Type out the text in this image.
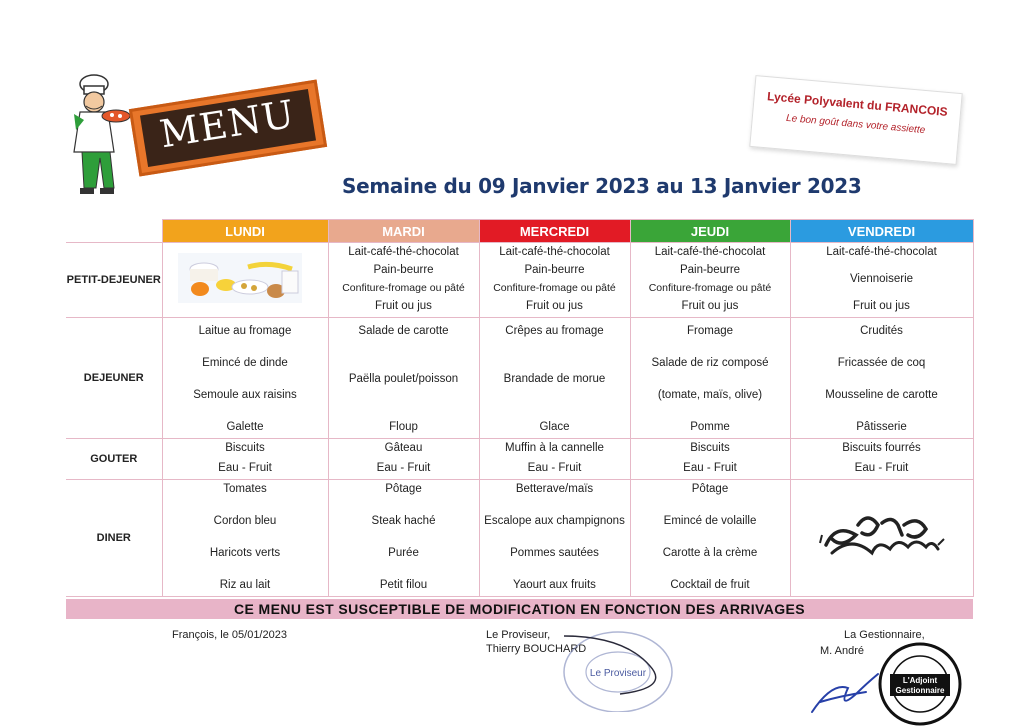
MENU	Lycée Polyvalent du FRANCOIS
Le bon goût dans votre assiette
Semaine du 09 Janvier 2023 au 13 Janvier 2023
	LUNDI	MARDI	MERCREDI	JEUDI	VENDREDI
PETIT-DEJEUNER		Lait-café-thé-chocolat
Pain-beurre
Confiture-fromage ou pâté
Fruit ou jus	Lait-café-thé-chocolat
Pain-beurre
Confiture-fromage ou pâté
Fruit ou jus	Lait-café-thé-chocolat
Pain-beurre
Confiture-fromage ou pâté
Fruit ou jus	Lait-café-thé-chocolat
Viennoiserie
Fruit ou jus

DEJEUNER	Laitue au fromage
Emincé de dinde
Semoule aux raisins
Galette	Salade de carotte
Paëlla poulet/poisson
Floup	Crêpes au fromage
Brandade de morue
Glace	Fromage
Salade de riz composé
(tomate, maïs, olive)
Pomme	Crudités
Fricassée de coq
Mousseline de carotte
Pâtisserie

GOUTER	Biscuits
Eau - Fruit	Gâteau
Eau - Fruit	Muffin à la cannelle
Eau - Fruit	Biscuits
Eau - Fruit	Biscuits fourrés
Eau - Fruit

DINER	Tomates
Cordon bleu
Haricots verts
Riz au lait	Pôtage
Steak haché
Purée
Petit filou	Betterave/maïs
Escalope aux champignons
Pommes sautées
Yaourt aux fruits	Pôtage
Emincé de volaille
Carotte à la crème
Cocktail de fruit	

CE MENU EST SUSCEPTIBLE DE MODIFICATION EN FONCTION DES ARRIVAGES
François, le 05/01/2023	Le Proviseur,
Thierry BOUCHARD
La Gestionnaire,
M. André
Le Proviseur
L'Adjoint
Gestionnaire
